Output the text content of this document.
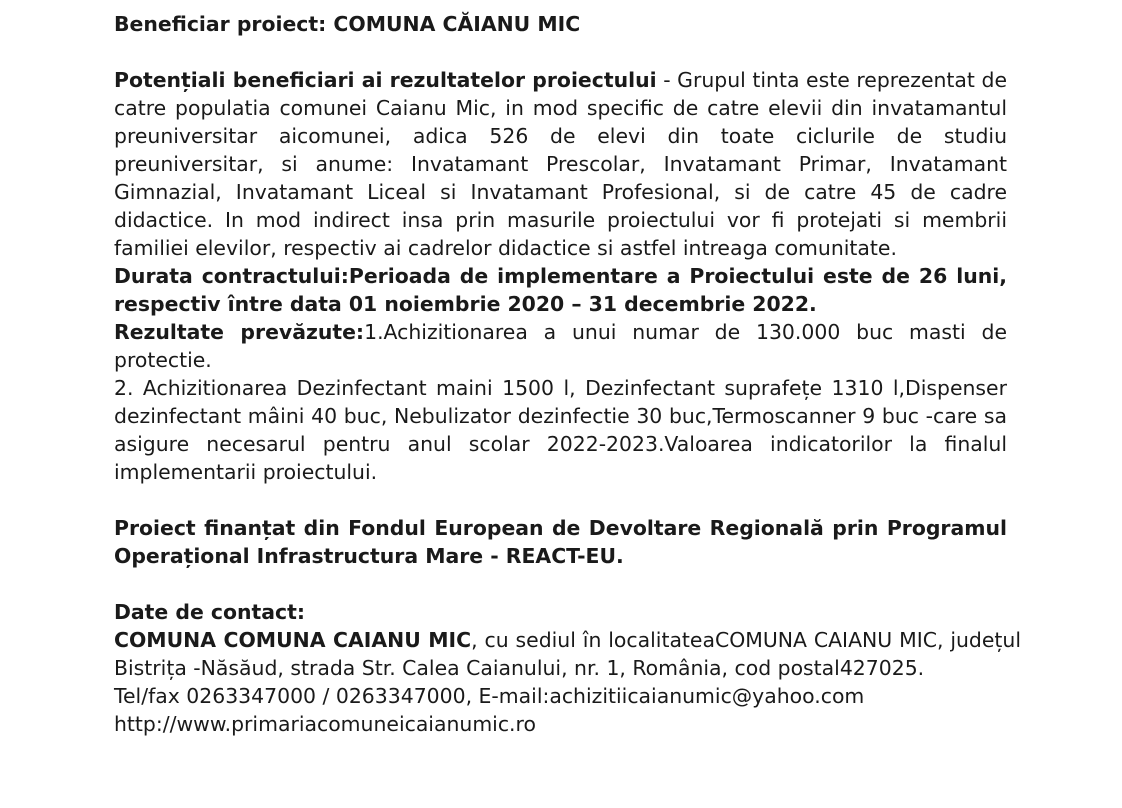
Beneficiar proiect: COMUNA CĂIANU MIC

Potențiali beneficiari ai rezultatelor proiectului - Grupul tinta este reprezentat de catre populatia comunei Caianu Mic, in mod specific de catre elevii din invatamantul preuniversitar aicomunei, adica 526 de elevi din toate ciclurile de studiu preuniversitar, si anume: Invatamant Prescolar, Invatamant Primar, Invatamant Gimnazial, Invatamant Liceal si Invatamant Profesional, si de catre 45 de cadre didactice. In mod indirect insa prin masurile proiectului vor fi protejati si membrii familiei elevilor, respectiv ai cadrelor didactice si astfel intreaga comunitate.

Durata contractului:Perioada de implementare a Proiectului este de 26 luni, respectiv între data 01 noiembrie 2020 – 31 decembrie 2022.

Rezultate prevăzute:1.Achizitionarea a unui numar de 130.000 buc masti de protectie.

2. Achizitionarea Dezinfectant maini 1500 l, Dezinfectant suprafețe 1310 l,Dispenser dezinfectant mâini 40 buc, Nebulizator dezinfectie 30 buc,Termoscanner 9 buc -care sa asigure necesarul pentru anul scolar 2022-2023.Valoarea indicatorilor la finalul implementarii proiectului.

Proiect finanțat din Fondul European de Devoltare Regională prin Programul Operațional Infrastructura Mare - REACT-EU.

Date de contact:

COMUNA COMUNA CAIANU MIC, cu sediul în localitateaCOMUNA CAIANU MIC, județul Bistrița -Năsăud, strada Str. Calea Caianului, nr. 1, România, cod postal427025.

Tel/fax 0263347000 / 0263347000, E-mail:achizitiicaianumic@yahoo.com

http://www.primariacomuneicaianumic.ro
